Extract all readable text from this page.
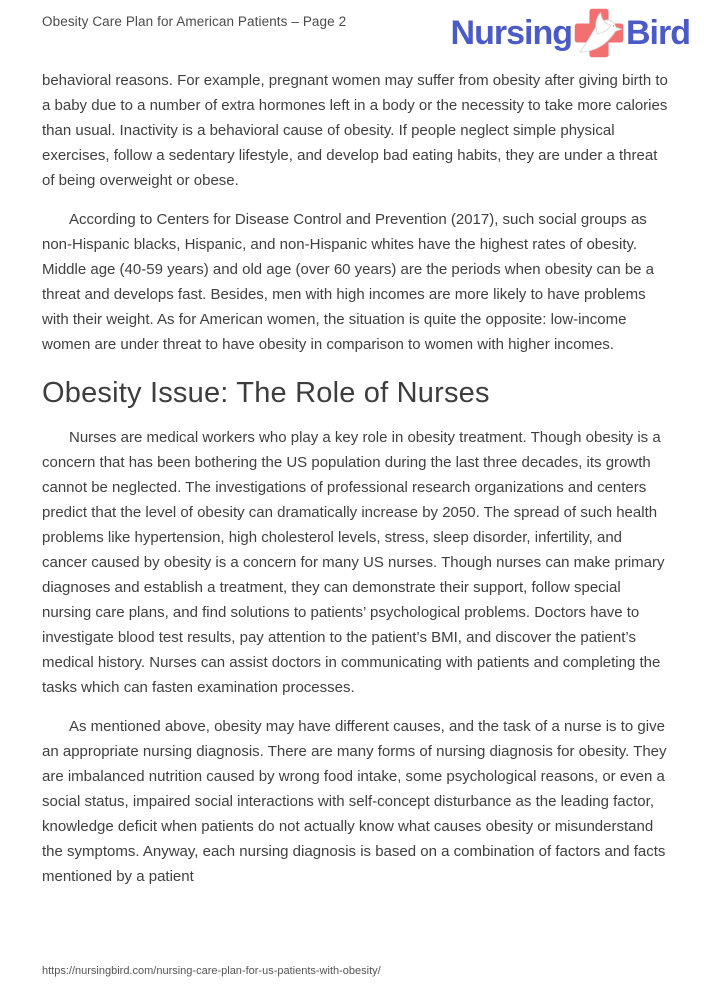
Obesity Care Plan for American Patients – Page 2	Nursing Bird

behavioral reasons. For example, pregnant women may suffer from obesity after giving birth to a baby due to a number of extra hormones left in a body or the necessity to take more calories than usual. Inactivity is a behavioral cause of obesity. If people neglect simple physical exercises, follow a sedentary lifestyle, and develop bad eating habits, they are under a threat of being overweight or obese.

According to Centers for Disease Control and Prevention (2017), such social groups as non-Hispanic blacks, Hispanic, and non-Hispanic whites have the highest rates of obesity. Middle age (40-59 years) and old age (over 60 years) are the periods when obesity can be a threat and develops fast. Besides, men with high incomes are more likely to have problems with their weight. As for American women, the situation is quite the opposite: low-income women are under threat to have obesity in comparison to women with higher incomes.

Obesity Issue: The Role of Nurses

Nurses are medical workers who play a key role in obesity treatment. Though obesity is a concern that has been bothering the US population during the last three decades, its growth cannot be neglected. The investigations of professional research organizations and centers predict that the level of obesity can dramatically increase by 2050. The spread of such health problems like hypertension, high cholesterol levels, stress, sleep disorder, infertility, and cancer caused by obesity is a concern for many US nurses. Though nurses can make primary diagnoses and establish a treatment, they can demonstrate their support, follow special nursing care plans, and find solutions to patients’ psychological problems. Doctors have to investigate blood test results, pay attention to the patient’s BMI, and discover the patient’s medical history. Nurses can assist doctors in communicating with patients and completing the tasks which can fasten examination processes.

As mentioned above, obesity may have different causes, and the task of a nurse is to give an appropriate nursing diagnosis. There are many forms of nursing diagnosis for obesity. They are imbalanced nutrition caused by wrong food intake, some psychological reasons, or even a social status, impaired social interactions with self-concept disturbance as the leading factor, knowledge deficit when patients do not actually know what causes obesity or misunderstand the symptoms. Anyway, each nursing diagnosis is based on a combination of factors and facts mentioned by a patient

https://nursingbird.com/nursing-care-plan-for-us-patients-with-obesity/
